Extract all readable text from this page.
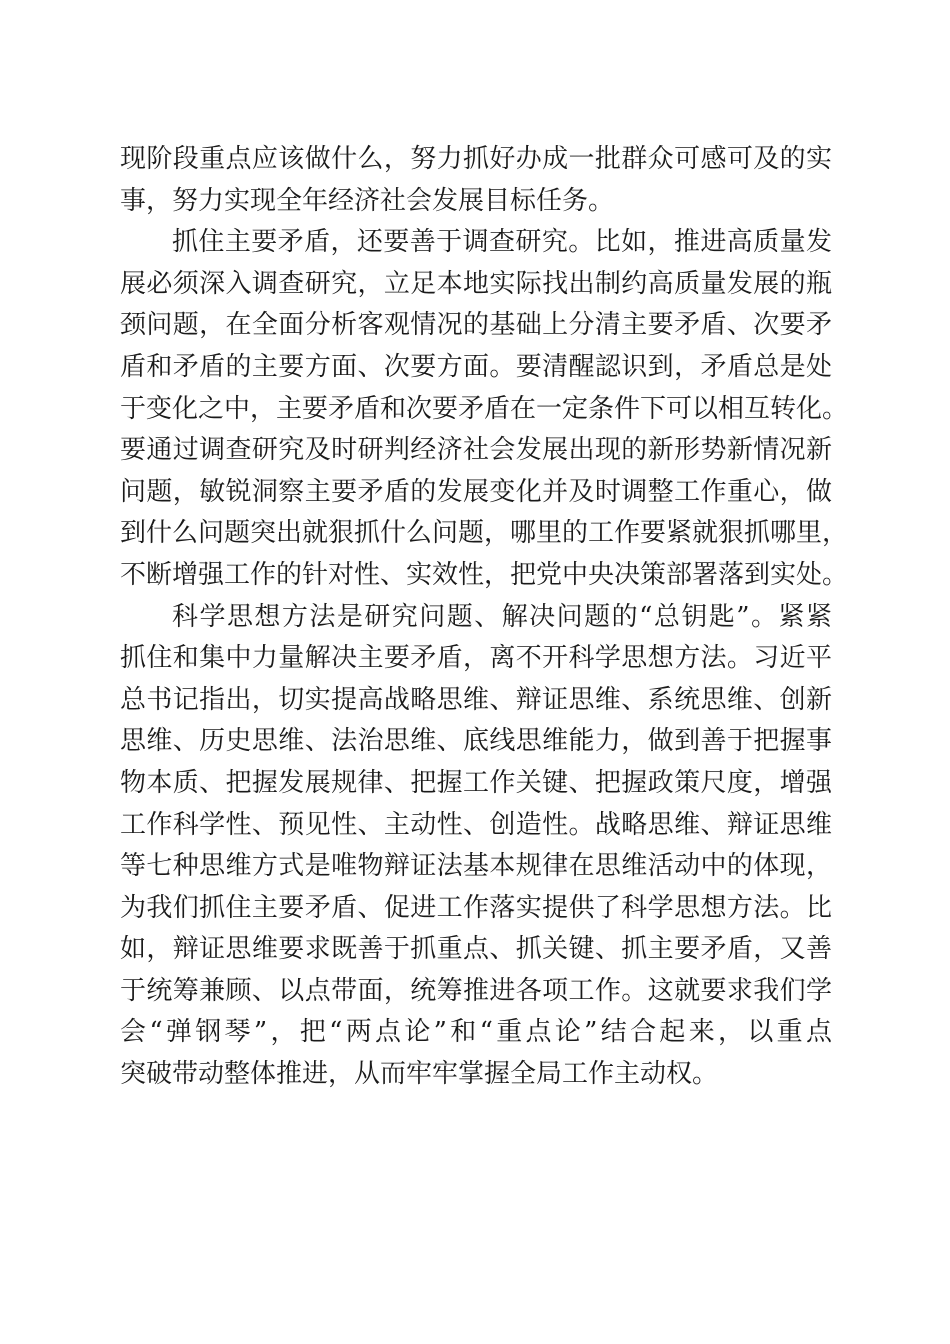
现阶段重点应该做什么，努力抓好办成一批群众可感可及的实
事，努力实现全年经济社会发展目标任务。
抓住主要矛盾，还要善于调查研究。比如，推进高质量发
展必须深入调查研究，立足本地实际找出制约高质量发展的瓶
颈问题，在全面分析客观情况的基础上分清主要矛盾、次要矛
盾和矛盾的主要方面、次要方面。要清醒認识到，矛盾总是处
于变化之中，主要矛盾和次要矛盾在一定条件下可以相互转化。
要通过调查研究及时研判经济社会发展出现的新形势新情况新
问题，敏锐洞察主要矛盾的发展变化并及时调整工作重心，做
到什么问题突出就狠抓什么问题，哪里的工作要紧就狠抓哪里，
不断增强工作的针对性、实效性，把党中央决策部署落到实处。
科学思想方法是研究问题、解决问题的“总钥匙”。紧紧
抓住和集中力量解决主要矛盾，离不开科学思想方法。习近平
总书记指出，切实提高战略思维、辩证思维、系统思维、创新
思维、历史思维、法治思维、底线思维能力，做到善于把握事
物本质、把握发展规律、把握工作关键、把握政策尺度，增强
工作科学性、预见性、主动性、创造性。战略思维、辩证思维
等七种思维方式是唯物辩证法基本规律在思维活动中的体现，
为我们抓住主要矛盾、促进工作落实提供了科学思想方法。比
如，辩证思维要求既善于抓重点、抓关键、抓主要矛盾，又善
于统筹兼顾、以点带面，统筹推进各项工作。这就要求我们学
会“弹钢琴”，把“两点论”和“重点论”结合起来，以重点
突破带动整体推进，从而牢牢掌握全局工作主动权。
